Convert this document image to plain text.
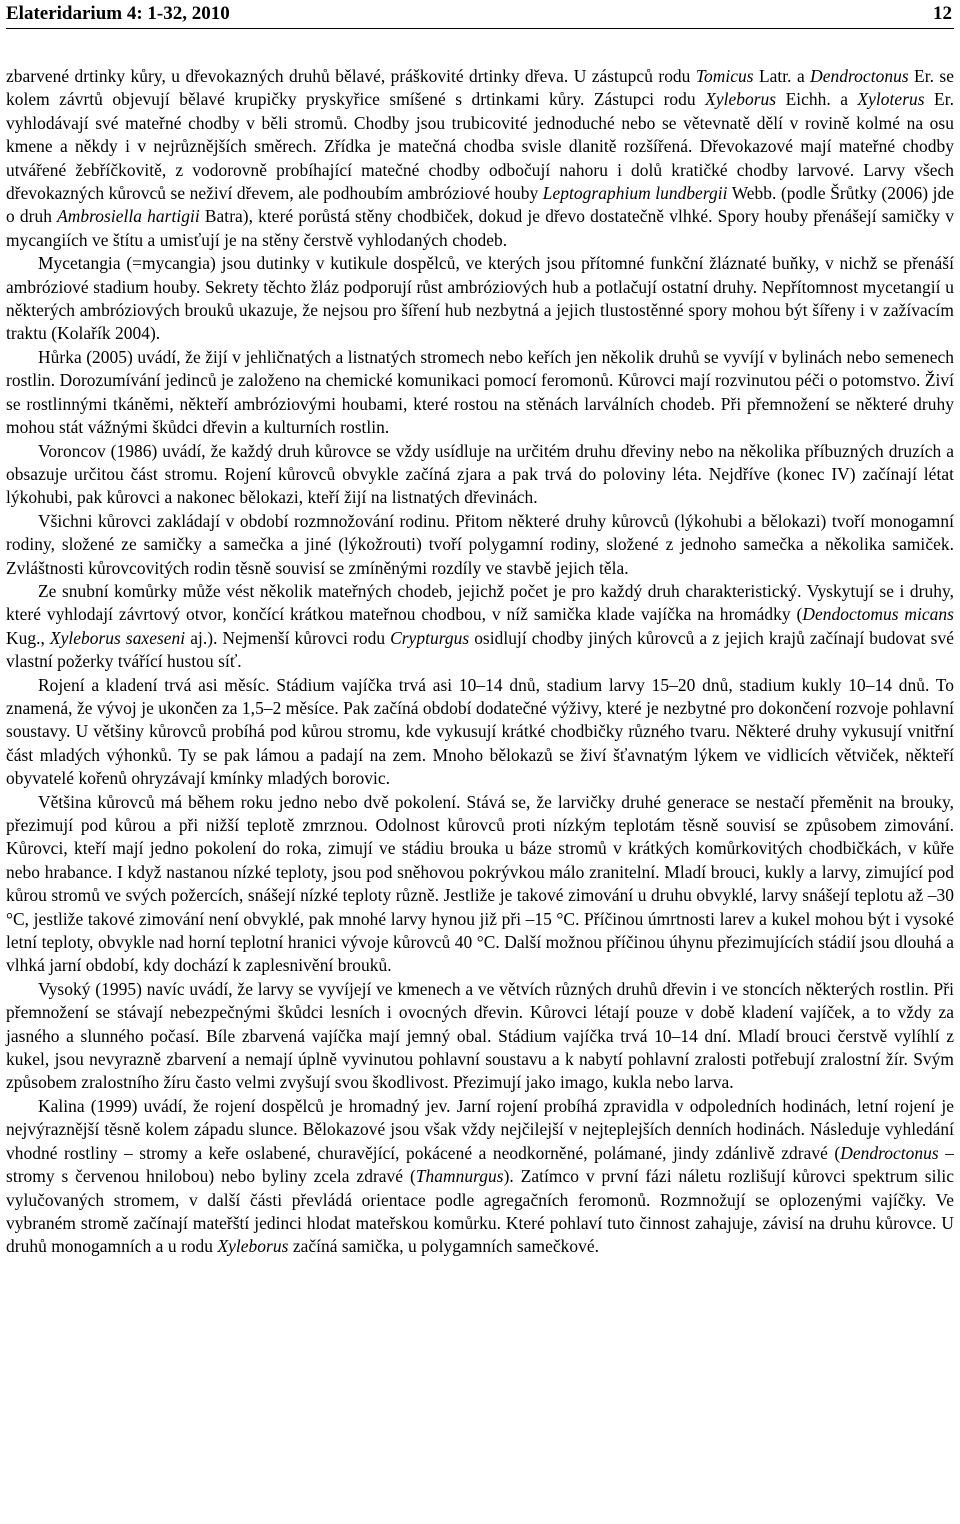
Elateridarium 4: 1-32, 2010	12

zbarvené drtinky kůry, u dřevokazných druhů bělavé, práškovité drtinky dřeva. U zástupců rodu Tomicus Latr. a Dendroctonus Er. se kolem závrtů objevují bělavé krupičky pryskyřice smíšené s drtinkami kůry. Zástupci rodu Xyleborus Eichh. a Xyloterus Er. vyhlodávají své mateřné chodby v běli stromů. Chodby jsou trubicovité jednoduché nebo se větevnatě dělí v rovině kolmé na osu kmene a někdy i v nejrůznějších směrech. Zřídka je matečná chodba svisle dlanitě rozšířená. Dřevokazové mají mateřné chodby utvářené žebříčkovitě, z vodorovně probíhající matečné chodby odbočují nahoru i dolů kratičké chodby larvové. Larvy všech dřevokazných kůrovců se neživí dřevem, ale podhoubím ambróziové houby Leptographium lundbergii Webb. (podle Šrůtky (2006) jde o druh Ambrosiella hartigii Batra), které porůstá stěny chodbiček, dokud je dřevo dostatečně vlhké. Spory houby přenášejí samičky v mycangiích ve štítu a umisťují je na stěny čerstvě vyhlodaných chodeb.

Mycetangia (=mycangia) jsou dutinky v kutikule dospělců, ve kterých jsou přítomné funkční žláznaté buňky, v nichž se přenáší ambróziové stadium houby. Sekrety těchto žláz podporují růst ambróziových hub a potlačují ostatní druhy. Nepřítomnost mycetangií u některých ambróziových brouků ukazuje, že nejsou pro šíření hub nezbytná a jejich tlustostěnné spory mohou být šířeny i v zažívacím traktu (Kolařík 2004).

Hůrka (2005) uvádí, že žijí v jehličnatých a listnatých stromech nebo keřích jen několik druhů se vyvíjí v bylinách nebo semenech rostlin. Dorozumívání jedinců je založeno na chemické komunikaci pomocí feromonů. Kůrovci mají rozvinutou péči o potomstvo. Živí se rostlinnými tkáněmi, někteří ambróziovými houbami, které rostou na stěnách larválních chodeb. Při přemnožení se některé druhy mohou stát vážnými škůdci dřevin a kulturních rostlin.

Voroncov (1986) uvádí, že každý druh kůrovce se vždy usídluje na určitém druhu dřeviny nebo na několika příbuzných druzích a obsazuje určitou část stromu. Rojení kůrovců obvykle začíná zjara a pak trvá do poloviny léta. Nejdříve (konec IV) začínají létat lýkohubi, pak kůrovci a nakonec bělokazi, kteří žijí na listnatých dřevinách.

Všichni kůrovci zakládají v období rozmnožování rodinu. Přitom některé druhy kůrovců (lýkohubi a bělokazi) tvoří monogamní rodiny, složené ze samičky a samečka a jiné (lýkožrouti) tvoří polygamní rodiny, složené z jednoho samečka a několika samiček. Zvláštnosti kůrovcovitých rodin těsně souvisí se zmíněnými rozdíly ve stavbě jejich těla.

Ze snubní komůrky může vést několik mateřných chodeb, jejichž počet je pro každý druh charakteristický. Vyskytují se i druhy, které vyhlodají závrtový otvor, končící krátkou mateřnou chodbou, v níž samička klade vajíčka na hromádky (Dendoctomus micans Kug., Xyleborus saxeseni aj.). Nejmenší kůrovci rodu Crypturgus osidlují chodby jiných kůrovců a z jejich krajů začínají budovat své vlastní požerky tvářící hustou síť.

Rojení a kladení trvá asi měsíc. Stádium vajíčka trvá asi 10–14 dnů, stadium larvy 15–20 dnů, stadium kukly 10–14 dnů. To znamená, že vývoj je ukončen za 1,5–2 měsíce. Pak začíná období dodatečné výživy, které je nezbytné pro dokončení rozvoje pohlavní soustavy. U většiny kůrovců probíhá pod kůrou stromu, kde vykusují krátké chodbičky různého tvaru. Některé druhy vykusují vnitřní část mladých výhonků. Ty se pak lámou a padají na zem. Mnoho bělokazů se živí šťavnatým lýkem ve vidlicích větviček, někteří obyvatelé kořenů ohryzávají kmínky mladých borovic.

Většina kůrovců má během roku jedno nebo dvě pokolení. Stává se, že larvičky druhé generace se nestačí přeměnit na brouky, přezimují pod kůrou a při nižší teplotě zmrznou. Odolnost kůrovců proti nízkým teplotám těsně souvisí se způsobem zimování. Kůrovci, kteří mají jedno pokolení do roka, zimují ve stádiu brouka u báze stromů v krátkých komůrkovitých chodbičkách, v kůře nebo hrabance. I když nastanou nízké teploty, jsou pod sněhovou pokrývkou málo zranitelní. Mladí brouci, kukly a larvy, zimující pod kůrou stromů ve svých požercích, snášejí nízké teploty různě. Jestliže je takové zimování u druhu obvyklé, larvy snášejí teplotu až –30 °C, jestliže takové zimování není obvyklé, pak mnohé larvy hynou již při –15 °C. Příčinou úmrtnosti larev a kukel mohou být i vysoké letní teploty, obvykle nad horní teplotní hranici vývoje kůrovců 40 °C. Další možnou příčinou úhynu přezimujících stádií jsou dlouhá a vlhká jarní období, kdy dochází k zaplesnivění brouků.

Vysoký (1995) navíc uvádí, že larvy se vyvíjejí ve kmenech a ve větvích různých druhů dřevin i ve stoncích některých rostlin. Při přemnožení se stávají nebezpečnými škůdci lesních i ovocných dřevin. Kůrovci létají pouze v době kladení vajíček, a to vždy za jasného a slunného počasí. Bíle zbarvená vajíčka mají jemný obal. Stádium vajíčka trvá 10–14 dní. Mladí brouci čerstvě vylíhlí z kukel, jsou nevyrazně zbarvení a nemají úplně vyvinutou pohlavní soustavu a k nabytí pohlavní zralosti potřebují zralostní žír. Svým způsobem zralostního žíru často velmi zvyšují svou škodlivost. Přezimují jako imago, kukla nebo larva.

Kalina (1999) uvádí, že rojení dospělců je hromadný jev. Jarní rojení probíhá zpravidla v odpoledních hodinách, letní rojení je nejvýraznější těsně kolem západu slunce. Bělokazové jsou však vždy nejčilejší v nejteplejších denních hodinách. Následuje vyhledání vhodné rostliny – stromy a keře oslabené, churavějící, pokácené a neodkorněné, polámané, jindy zdánlivě zdravé (Dendroctonus – stromy s červenou hnilobou) nebo byliny zcela zdravé (Thamnurgus). Zatímco v první fázi náletu rozlišují kůrovci spektrum silic vylučovaných stromem, v další části převládá orientace podle agregačních feromonů. Rozmnožují se oplozenými vajíčky. Ve vybraném stromě začínají mateřští jedinci hlodat mateřskou komůrku. Které pohlaví tuto činnost zahajuje, závisí na druhu kůrovce. U druhů monogamních a u rodu Xyleborus začíná samička, u polygamních samečkové.
